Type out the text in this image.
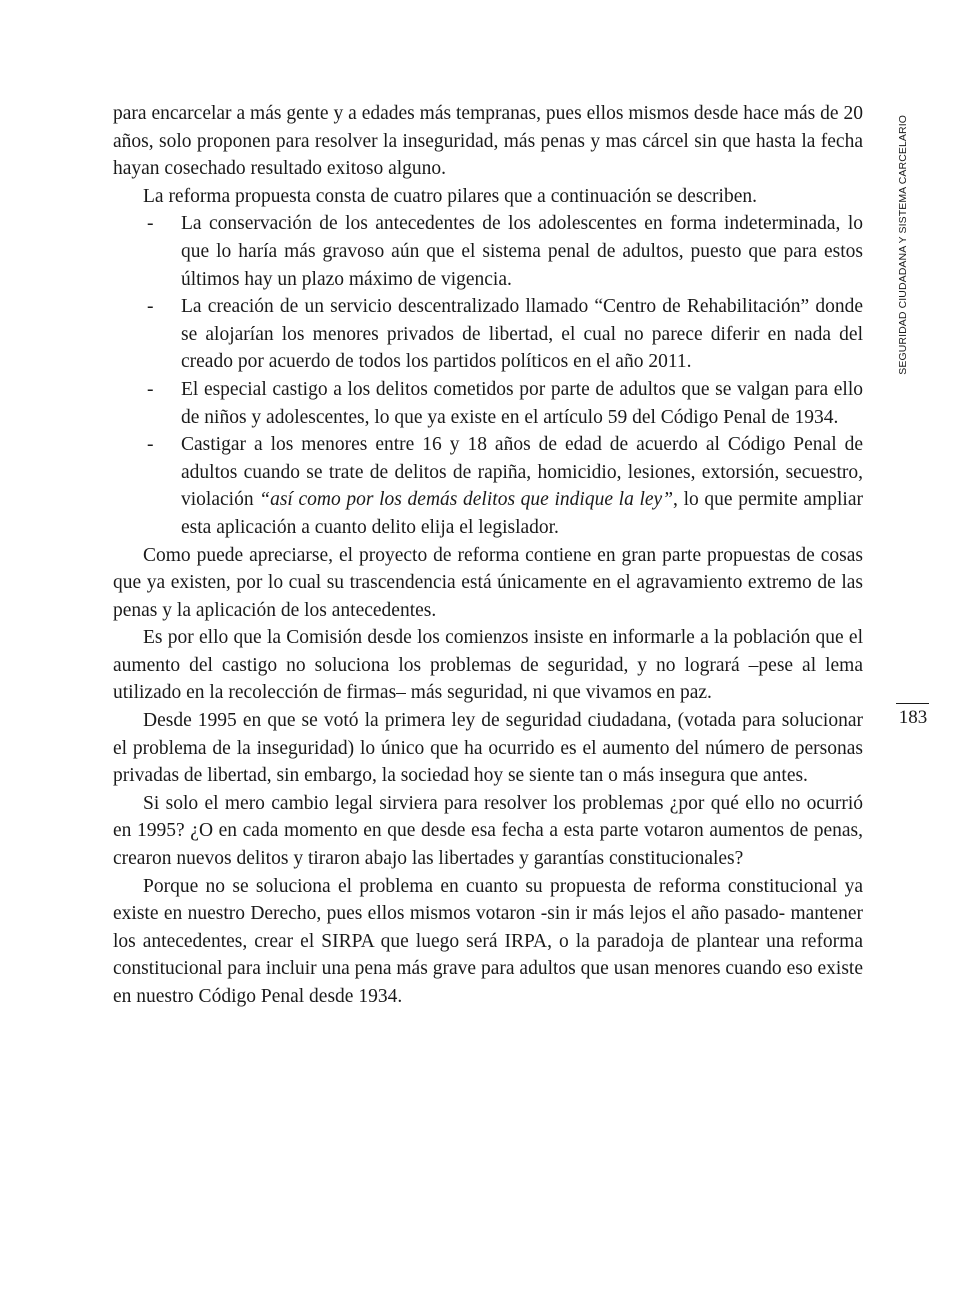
SEGURIDAD CIUDADANA Y SISTEMA CARCELARIO
183

para encarcelar a más gente y a edades más tempranas, pues ellos mismos desde hace más de 20 años, solo proponen para resolver la inseguridad, más penas y mas cárcel sin que hasta la fecha hayan cosechado resultado exitoso alguno.

La reforma propuesta consta de cuatro pilares que a continuación se describen.

- La conservación de los antecedentes de los adolescentes en forma indeterminada, lo que lo haría más gravoso aún que el sistema penal de adultos, puesto que para estos últimos hay un plazo máximo de vigencia.
- La creación de un servicio descentralizado llamado “Centro de Rehabilitación” donde se alojarían los menores privados de libertad, el cual no parece diferir en nada del creado por acuerdo de todos los partidos políticos en el año 2011.
- El especial castigo a los delitos cometidos por parte de adultos que se valgan para ello de niños y adolescentes, lo que ya existe en el artículo 59 del Código Penal de 1934.
- Castigar a los menores entre 16 y 18 años de edad de acuerdo al Código Penal de adultos cuando se trate de delitos de rapiña, homicidio, lesiones, extorsión, secuestro, violación “así como por los demás delitos que indique la ley”, lo que permite ampliar esta aplicación a cuanto delito elija el legislador.

Como puede apreciarse, el proyecto de reforma contiene en gran parte propuestas de cosas que ya existen, por lo cual su trascendencia está únicamente en el agravamiento extremo de las penas y la aplicación de los antecedentes.

Es por ello que la Comisión desde los comienzos insiste en informarle a la población que el aumento del castigo no soluciona los problemas de seguridad, y no logrará –pese al lema utilizado en la recolección de firmas– más seguridad, ni que vivamos en paz.

Desde 1995 en que se votó la primera ley de seguridad ciudadana, (votada para solucionar el problema de la inseguridad) lo único que ha ocurrido es el aumento del número de personas privadas de libertad, sin embargo, la sociedad hoy se siente tan o más insegura que antes.

Si solo el mero cambio legal sirviera para resolver los problemas ¿por qué ello no ocurrió en 1995? ¿O en cada momento en que desde esa fecha a esta parte votaron aumentos de penas, crearon nuevos delitos y tiraron abajo las libertades y garantías constitucionales?

Porque no se soluciona el problema en cuanto su propuesta de reforma constitucional ya existe en nuestro Derecho, pues ellos mismos votaron -sin ir más lejos el año pasado- mantener los antecedentes, crear el SIRPA que luego será IRPA, o la paradoja de plantear una reforma constitucional para incluir una pena más grave para adultos que usan menores cuando eso existe en nuestro Código Penal desde 1934.
